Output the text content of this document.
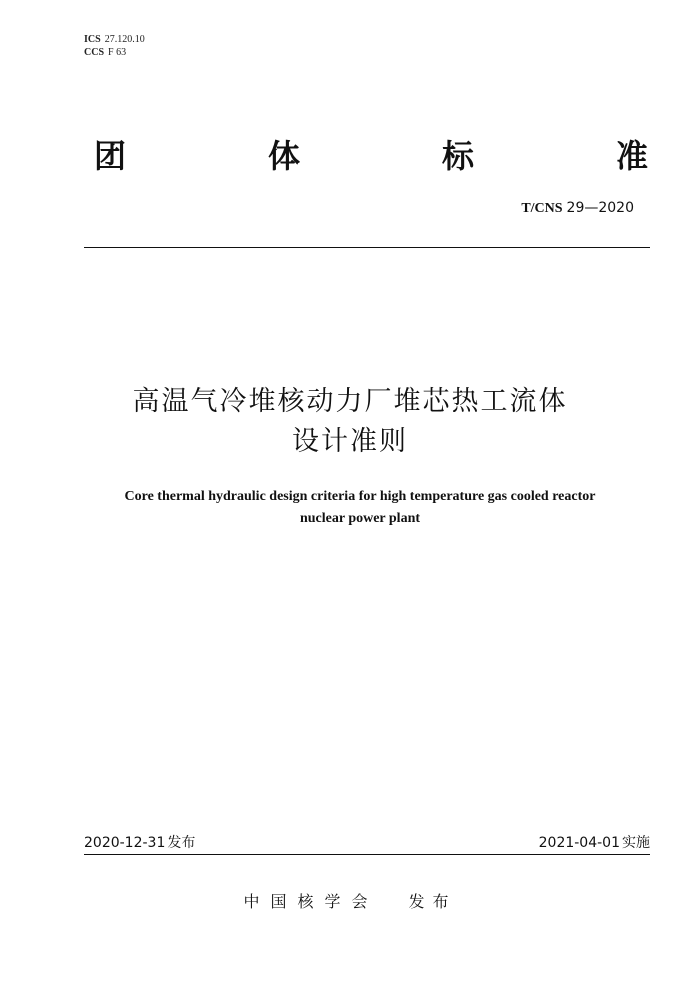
ICS 27.120.10
CCS F 63
团	体	标	准
T/CNS 29—2020
高温气冷堆核动力厂堆芯热工流体
设计准则
Core thermal hydraulic design criteria for high temperature gas cooled reactor
nuclear power plant
2020-12-31 发布	2021-04-01 实施
中国核学会 发布
